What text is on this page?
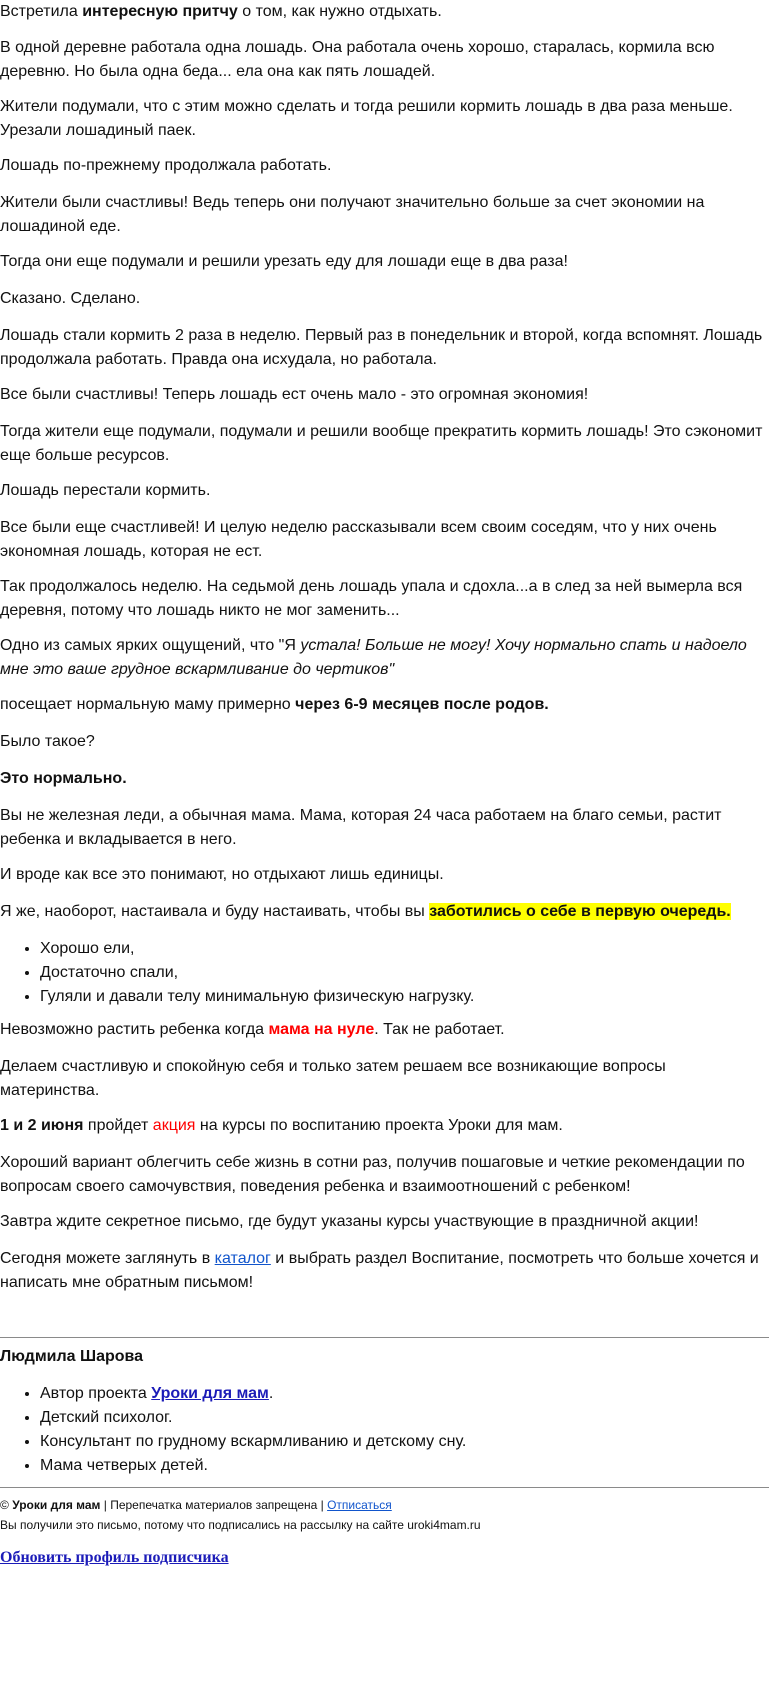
Встретила интересную притчу о том, как нужно отдыхать.

В одной деревне работала одна лошадь. Она работала очень хорошо, старалась, кормила всю деревню. Но была одна беда... ела она как пять лошадей.

Жители подумали, что с этим можно сделать и тогда решили кормить лошадь в два раза меньше. Урезали лошадиный паек.

Лошадь по-прежнему продолжала работать.

Жители были счастливы! Ведь теперь они получают значительно больше за счет экономии на лошадиной еде.

Тогда они еще подумали и решили урезать еду для лошади еще в два раза!

Сказано. Сделано.

Лошадь стали кормить 2 раза в неделю. Первый раз в понедельник и второй, когда вспомнят. Лошадь продолжала работать. Правда она исхудала, но работала.

Все были счастливы! Теперь лошадь ест очень мало - это огромная экономия!

Тогда жители еще подумали, подумали и решили вообще прекратить кормить лошадь! Это сэкономит еще больше ресурсов.

Лошадь перестали кормить.

Все были еще счастливей! И целую неделю рассказывали всем своим соседям, что у них очень экономная лошадь, которая не ест.

Так продолжалось неделю. На седьмой день лошадь упала и сдохла...а в след за ней вымерла вся деревня, потому что лошадь никто не мог заменить...

Одно из самых ярких ощущений, что "Я устала! Больше не могу! Хочу нормально спать и надоело мне это ваше грудное вскармливание до чертиков"

посещает нормальную маму примерно через 6-9 месяцев после родов.

Было такое?

Это нормально.

Вы не железная леди, а обычная мама. Мама, которая 24 часа работаем на благо семьи, растит ребенка и вкладывается в него.

И вроде как все это понимают, но отдыхают лишь единицы.

Я же, наоборот, настаивала и буду настаивать, чтобы вы заботились о себе в первую очередь.

• Хорошо ели,
• Достаточно спали,
• Гуляли и давали телу минимальную физическую нагрузку.

Невозможно растить ребенка когда мама на нуле. Так не работает.

Делаем счастливую и спокойную себя и только затем решаем все возникающие вопросы материнства.

1 и 2 июня пройдет акция на курсы по воспитанию проекта Уроки для мам.

Хороший вариант облегчить себе жизнь в сотни раз, получив пошаговые и четкие рекомендации по вопросам своего самочувствия, поведения ребенка и взаимоотношений с ребенком!

Завтра ждите секретное письмо, где будут указаны курсы участвующие в праздничной акции!

Сегодня можете заглянуть в каталог и выбрать раздел Воспитание, посмотреть что больше хочется и написать мне обратным письмом!

Людмила Шарова

• Автор проекта Уроки для мам.
• Детский психолог.
• Консультант по грудному вскармливанию и детскому сну.
• Мама четверых детей.
© Уроки для мам | Перепечатка материалов запрещена | Отписаться
Вы получили это письмо, потому что подписались на рассылку на сайте uroki4mam.ru
Обновить профиль подписчика
